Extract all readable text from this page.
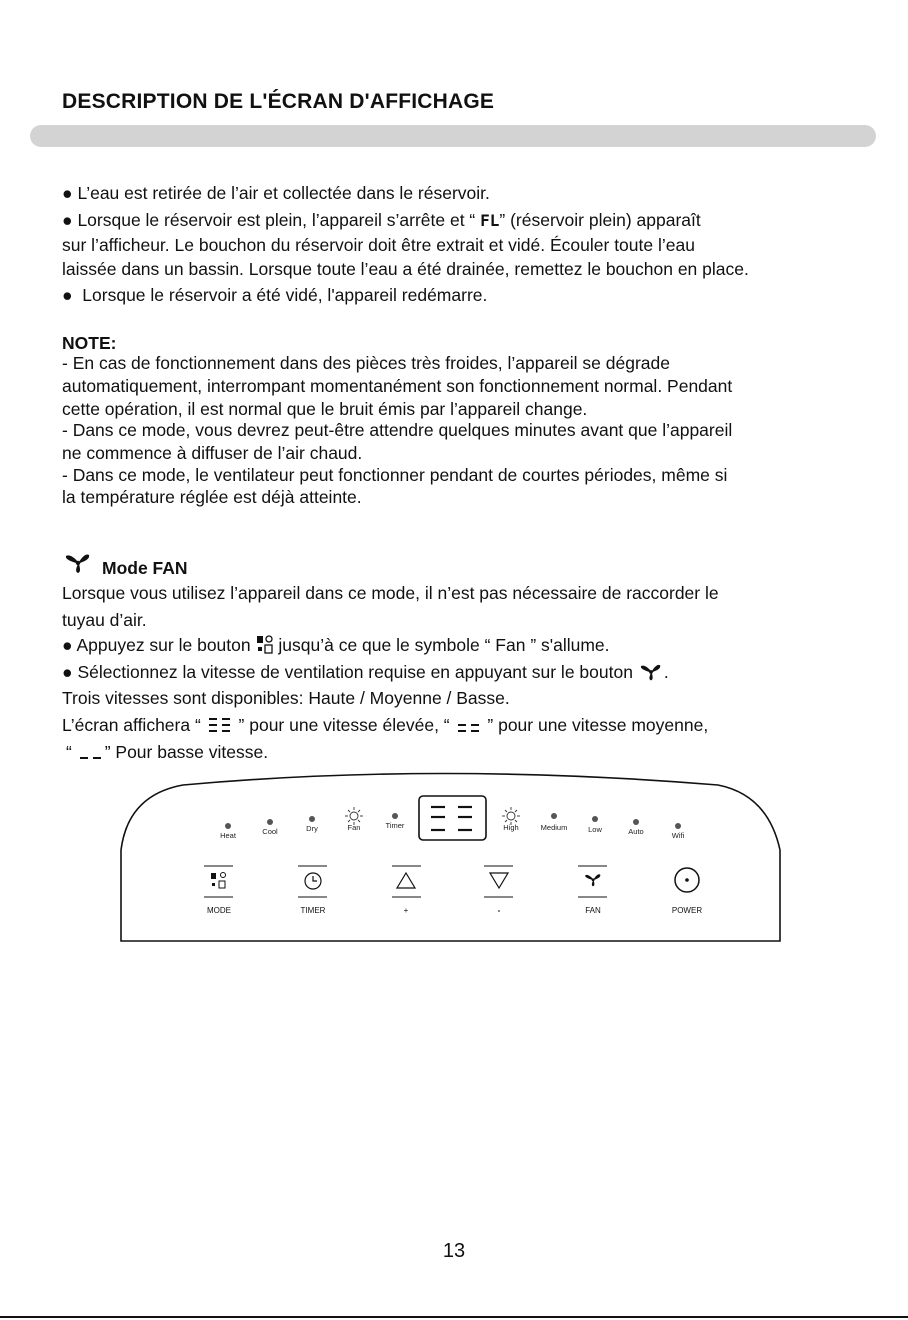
DESCRIPTION DE L'ÉCRAN D'AFFICHAGE
● L’eau est retirée de l’air et collectée dans le réservoir.
● Lorsque le réservoir est plein, l’appareil s’arrête et “ FL” (réservoir plein) apparaît
sur l’afficheur. Le bouchon du réservoir doit être extrait et vidé. Écouler toute l’eau
laissée dans un bassin. Lorsque toute l’eau a été drainée, remettez le bouchon en place.
●  Lorsque le réservoir a été vidé, l'appareil redémarre.
NOTE:
- En cas de fonctionnement dans des pièces très froides, l’appareil se dégrade
automatiquement, interrompant momentanément son fonctionnement normal. Pendant
cette opération, il est normal que le bruit émis par l’appareil change.
- Dans ce mode, vous devrez peut-être attendre quelques minutes avant que l’appareil
ne commence à diffuser de l’air chaud.
- Dans ce mode, le ventilateur peut fonctionner pendant de courtes périodes, même si
la température réglée est déjà atteinte.
Mode FAN
Lorsque vous utilisez l’appareil dans ce mode, il n’est pas nécessaire de raccorder le
tuyau d’air.
● Appuyez sur le bouton jusqu’à ce que le symbole “ Fan ” s'allume.
● Sélectionnez la vitesse de ventilation requise en appuyant sur le bouton .
Trois vitesses sont disponibles: Haute / Moyenne / Basse.
L’écran affichera “ ” pour une vitesse élevée, “ ” pour une vitesse moyenne,
“ ” Pour basse vitesse.
Heat	Cool	Dry	Fan	Timer	High	Medium	Low	Auto	Wifi
MODE	TIMER	+	-	FAN	POWER
13
